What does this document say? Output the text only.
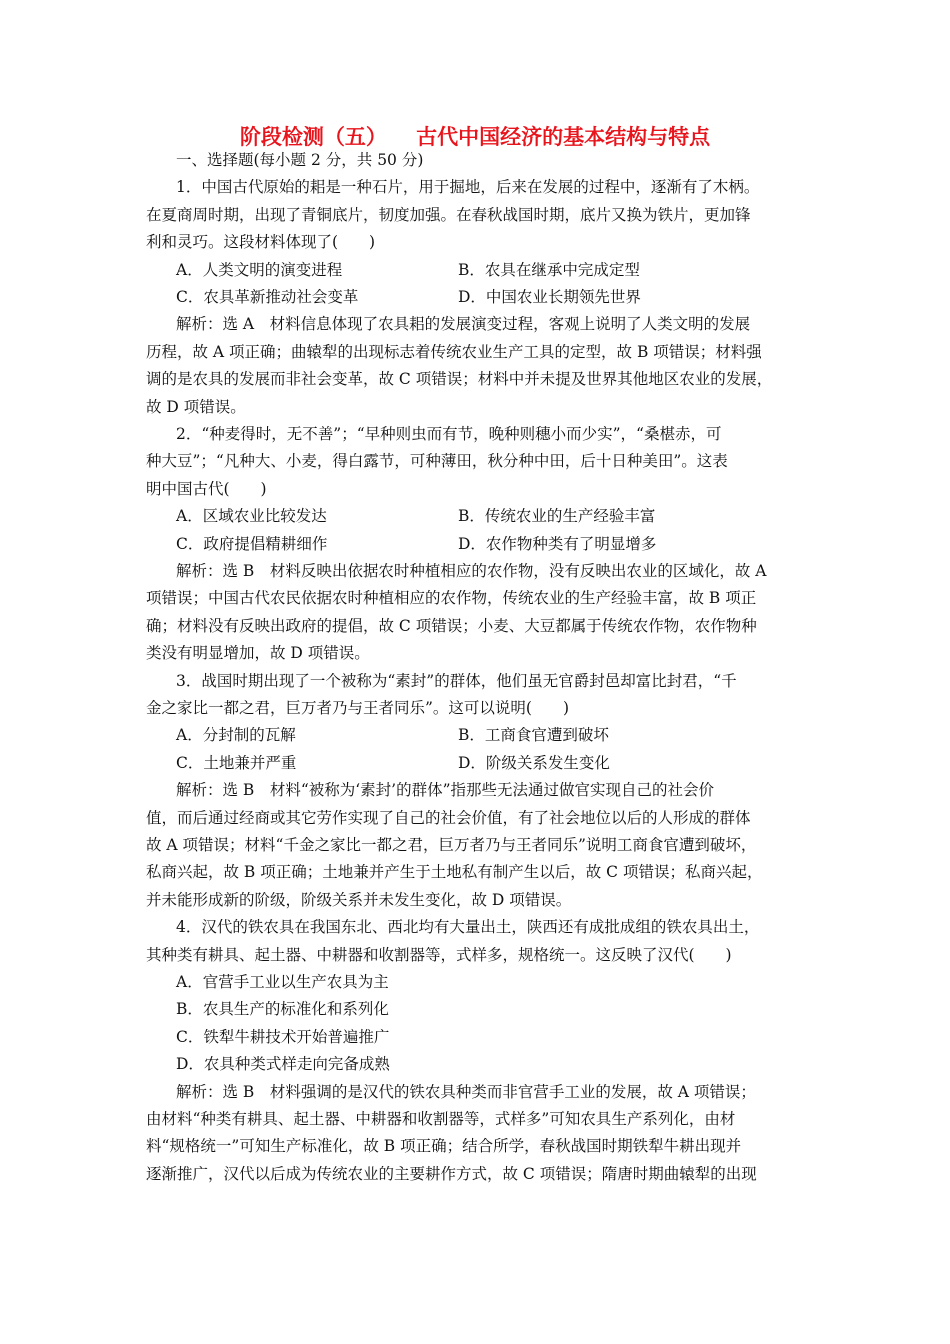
阶段检测（五）    古代中国经济的基本结构与特点
一、选择题(每小题 2 分，共 50 分)
1．中国古代原始的耜是一种石片，用于掘地，后来在发展的过程中，逐渐有了木柄。
在夏商周时期，出现了青铜底片，韧度加强。在春秋战国时期，底片又换为铁片，更加锋
利和灵巧。这段材料体现了(　　)
A．人类文明的演变进程	B．农具在继承中完成定型
C．农具革新推动社会变革	D．中国农业长期领先世界
解析：选 A　材料信息体现了农具耜的发展演变过程，客观上说明了人类文明的发展
历程，故 A 项正确；曲辕犁的出现标志着传统农业生产工具的定型，故 B 项错误；材料强
调的是农具的发展而非社会变革，故 C 项错误；材料中并未提及世界其他地区农业的发展，
故 D 项错误。
2．“种麦得时，无不善”；“早种则虫而有节，晚种则穗小而少实”，“桑椹赤，可
种大豆”；“凡种大、小麦，得白露节，可种薄田，秋分种中田，后十日种美田”。这表
明中国古代(　　)
A．区域农业比较发达	B．传统农业的生产经验丰富
C．政府提倡精耕细作	D．农作物种类有了明显增多
解析：选 B　材料反映出依据农时种植相应的农作物，没有反映出农业的区域化，故 A
项错误；中国古代农民依据农时种植相应的农作物，传统农业的生产经验丰富，故 B 项正
确；材料没有反映出政府的提倡，故 C 项错误；小麦、大豆都属于传统农作物，农作物种
类没有明显增加，故 D 项错误。
3．战国时期出现了一个被称为“素封”的群体，他们虽无官爵封邑却富比封君，“千
金之家比一都之君，巨万者乃与王者同乐”。这可以说明(　　)
A．分封制的瓦解	B．工商食官遭到破坏
C．土地兼并严重	D．阶级关系发生变化
解析：选 B　材料“被称为‘素封’的群体”指那些无法通过做官实现自己的社会价
值，而后通过经商或其它劳作实现了自己的社会价值，有了社会地位以后的人形成的群体
故 A 项错误；材料“千金之家比一都之君，巨万者乃与王者同乐”说明工商食官遭到破坏，
私商兴起，故 B 项正确；土地兼并产生于土地私有制产生以后，故 C 项错误；私商兴起，
并未能形成新的阶级，阶级关系并未发生变化，故 D 项错误。
4．汉代的铁农具在我国东北、西北均有大量出土，陕西还有成批成组的铁农具出土，
其种类有耕具、起土器、中耕器和收割器等，式样多，规格统一。这反映了汉代(　　)
A．官营手工业以生产农具为主
B．农具生产的标准化和系列化
C．铁犁牛耕技术开始普遍推广
D．农具种类式样走向完备成熟
解析：选 B　材料强调的是汉代的铁农具种类而非官营手工业的发展，故 A 项错误；
由材料“种类有耕具、起土器、中耕器和收割器等，式样多”可知农具生产系列化，由材
料“规格统一”可知生产标准化，故 B 项正确；结合所学，春秋战国时期铁犁牛耕出现并
逐渐推广，汉代以后成为传统农业的主要耕作方式，故 C 项错误；隋唐时期曲辕犁的出现
